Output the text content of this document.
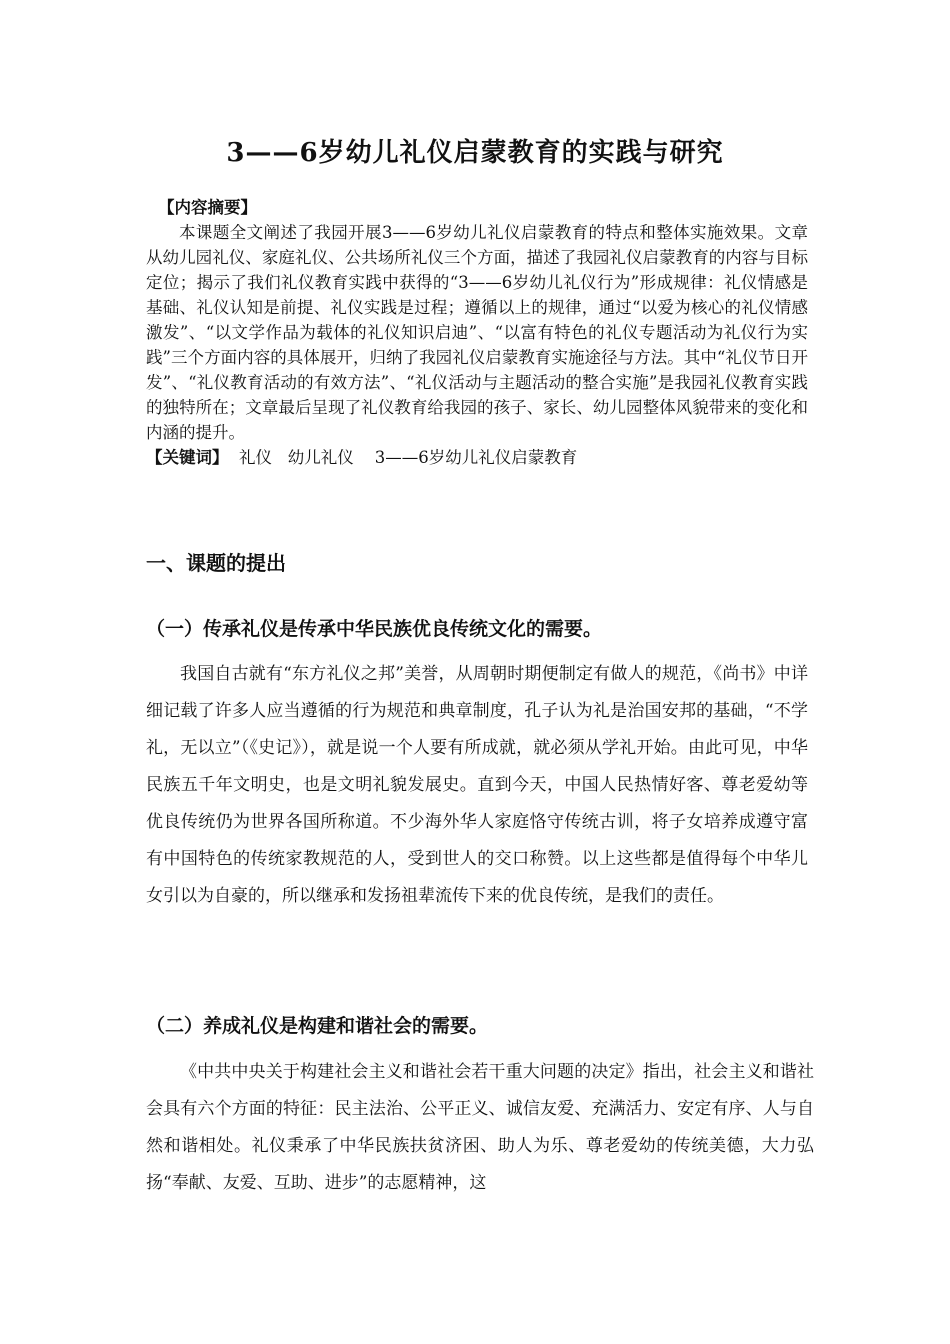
3——6岁幼儿礼仪启蒙教育的实践与研究
【内容摘要】

本课题全文阐述了我园开展3——6岁幼儿礼仪启蒙教育的特点和整体实施效果。文章从幼儿园礼仪、家庭礼仪、公共场所礼仪三个方面，描述了我园礼仪启蒙教育的内容与目标定位；揭示了我们礼仪教育实践中获得的“3——6岁幼儿礼仪行为”形成规律：礼仪情感是基础、礼仪认知是前提、礼仪实践是过程；遵循以上的规律，通过“以爱为核心的礼仪情感激发”、“以文学作品为载体的礼仪知识启迪”、“以富有特色的礼仪专题活动为礼仪行为实践”三个方面内容的具体展开，归纳了我园礼仪启蒙教育实施途径与方法。其中“礼仪节日开发”、“礼仪教育活动的有效方法”、“礼仪活动与主题活动的整合实施”是我园礼仪教育实践的独特所在；文章最后呈现了礼仪教育给我园的孩子、家长、幼儿园整体风貌带来的变化和内涵的提升。

【关键词】  礼仪   幼儿礼仪    3——6岁幼儿礼仪启蒙教育

一、课题的提出
（一）传承礼仪是传承中华民族优良传统文化的需要。

我国自古就有“东方礼仪之邦”美誉，从周朝时期便制定有做人的规范，《尚书》中详细记载了许多人应当遵循的行为规范和典章制度，孔子认为礼是治国安邦的基础，“不学礼，无以立”（《史记》），就是说一个人要有所成就，就必须从学礼开始。由此可见，中华民族五千年文明史，也是文明礼貌发展史。直到今天，中国人民热情好客、尊老爱幼等优良传统仍为世界各国所称道。不少海外华人家庭恪守传统古训，将子女培养成遵守富有中国特色的传统家教规范的人，受到世人的交口称赞。以上这些都是值得每个中华儿女引以为自豪的，所以继承和发扬祖辈流传下来的优良传统，是我们的责任。

（二）养成礼仪是构建和谐社会的需要。

《中共中央关于构建社会主义和谐社会若干重大问题的决定》指出，社会主义和谐社会具有六个方面的特征：民主法治、公平正义、诚信友爱、充满活力、安定有序、人与自然和谐相处。礼仪秉承了中华民族扶贫济困、助人为乐、尊老爱幼的传统美德，大力弘扬“奉献、友爱、互助、进步”的志愿精神，这
